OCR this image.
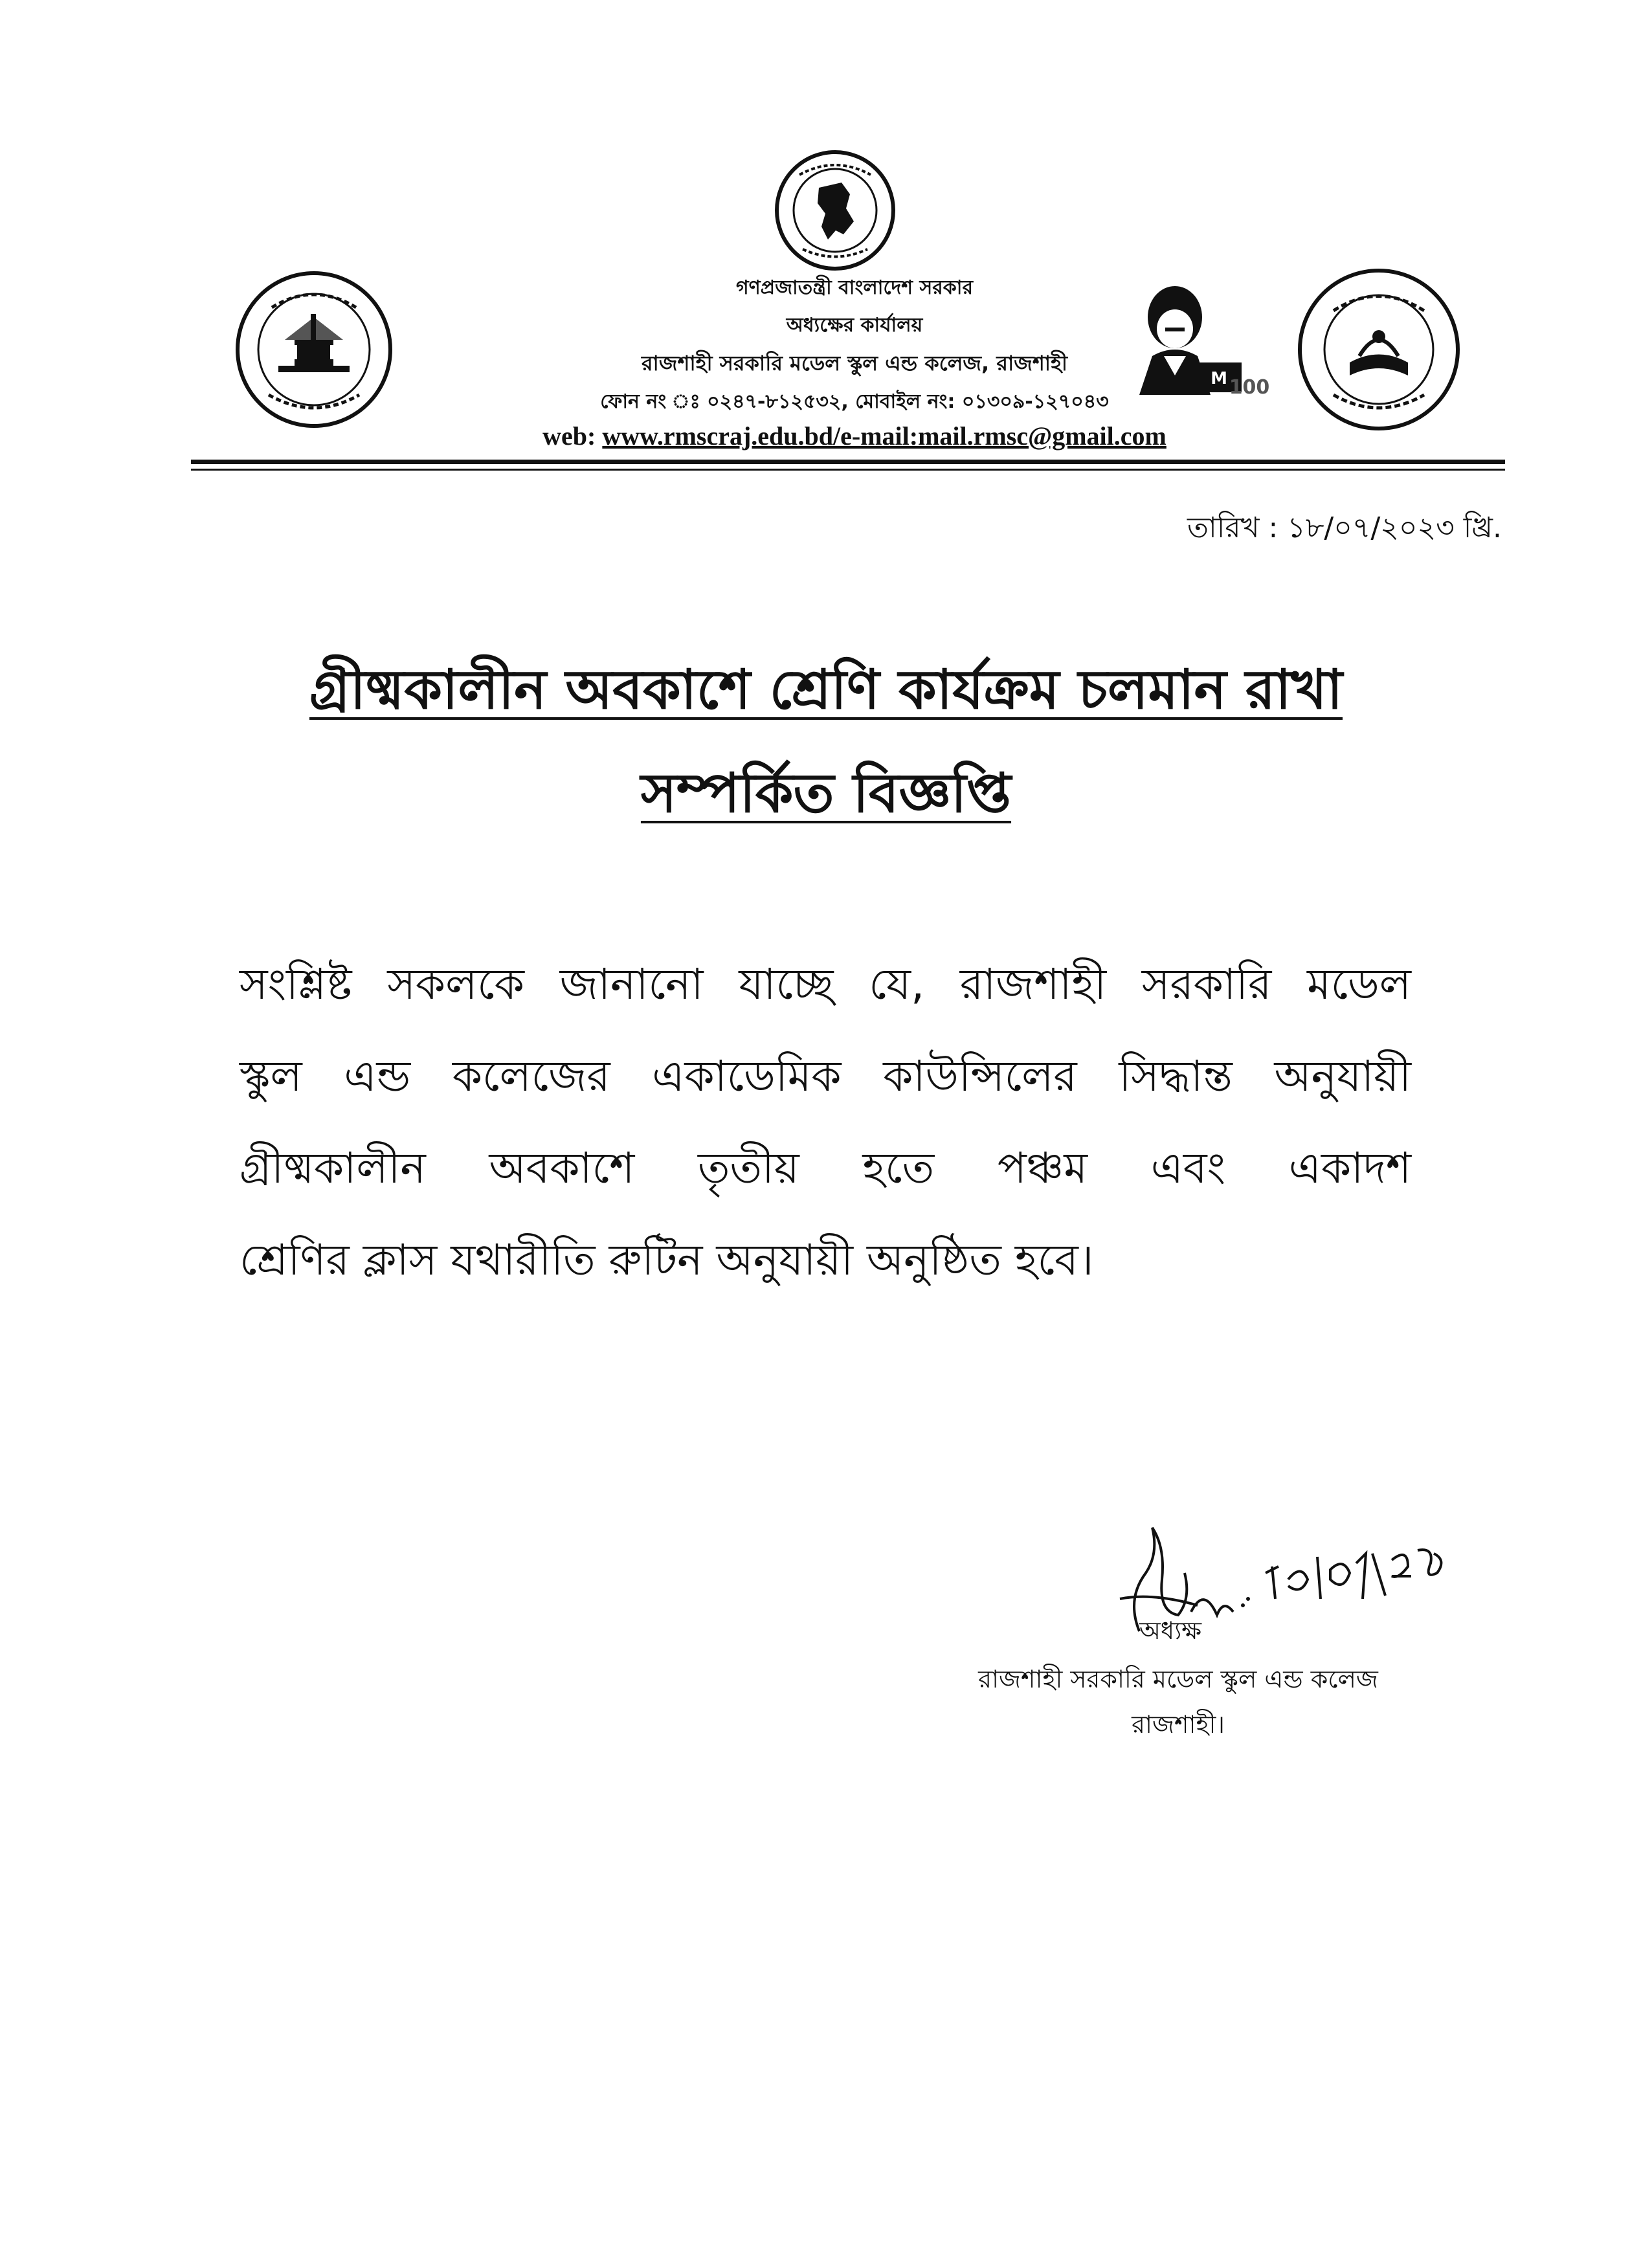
M 100
গণপ্রজাতন্ত্রী বাংলাদেশ সরকার
অধ্যক্ষের কার্যালয়
রাজশাহী সরকারি মডেল স্কুল এন্ড কলেজ, রাজশাহী
ফোন নং ঃ ০২৪৭-৮১২৫৩২, মোবাইল নং: ০১৩০৯-১২৭০৪৩
web: www.rmscraj.edu.bd/e-mail:mail.rmsc@gmail.com
তারিখ : ১৮/০৭/২০২৩ খ্রি.
গ্রীষ্মকালীন অবকাশে শ্রেণি কার্যক্রম চলমান রাখা
সম্পর্কিত বিজ্ঞপ্তি
সংশ্লিষ্ট সকলকে জানানো যাচ্ছে যে, রাজশাহী সরকারি মডেল
স্কুল এন্ড কলেজের একাডেমিক কাউন্সিলের সিদ্ধান্ত অনুযায়ী
গ্রীষ্মকালীন অবকাশে তৃতীয় হতে পঞ্চম এবং একাদশ
শ্রেণির ক্লাস যথারীতি রুটিন অনুযায়ী অনুষ্ঠিত হবে।
অধ্যক্ষ
রাজশাহী সরকারি মডেল স্কুল এন্ড কলেজ
রাজশাহী।
